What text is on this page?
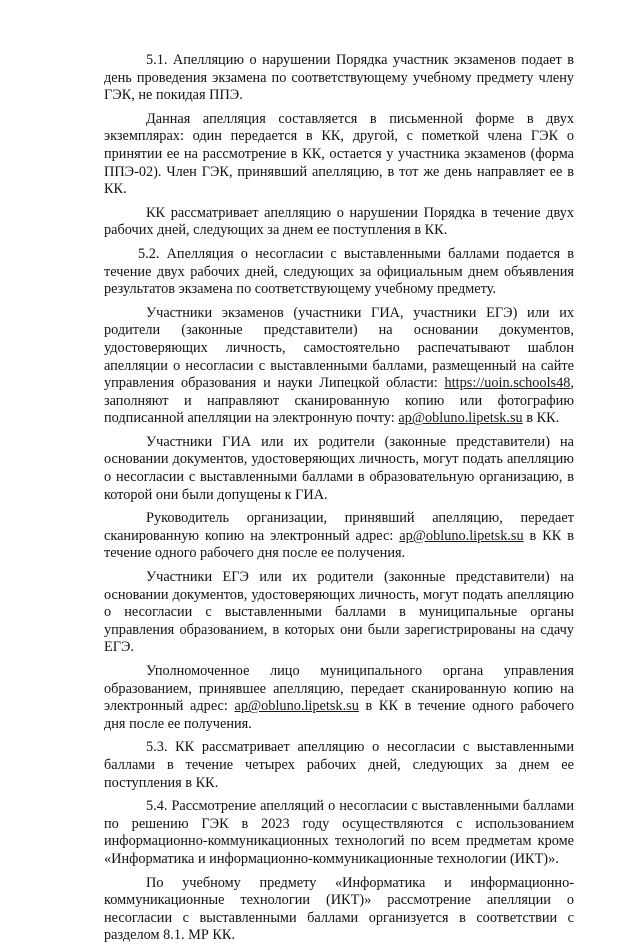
5.1. Апелляцию о нарушении Порядка участник экзаменов подает в день проведения экзамена по соответствующему учебному предмету члену ГЭК, не покидая ППЭ.

Данная апелляция составляется в письменной форме в двух экземплярах: один передается в КК, другой, с пометкой члена ГЭК о принятии ее на рассмотрение в КК, остается у участника экзаменов (форма ППЭ-02). Член ГЭК, принявший апелляцию, в тот же день направляет ее в КК.

КК рассматривает апелляцию о нарушении Порядка в течение двух рабочих дней, следующих за днем ее поступления в КК.

5.2. Апелляция о несогласии с выставленными баллами подается в течение двух рабочих дней, следующих за официальным днем объявления результатов экзамена по соответствующему учебному предмету.

Участники экзаменов (участники ГИА, участники ЕГЭ) или их родители (законные представители) на основании документов, удостоверяющих личность, самостоятельно распечатывают шаблон апелляции о несогласии с выставленными баллами, размещенный на сайте управления образования и науки Липецкой области: https://uoin.schools48, заполняют и направляют сканированную копию или фотографию подписанной апелляции на электронную почту: ap@obluno.lipetsk.su в КК.

Участники ГИА или их родители (законные представители) на основании документов, удостоверяющих личность, могут подать апелляцию о несогласии с выставленными баллами в образовательную организацию, в которой они были допущены к ГИА.

Руководитель организации, принявший апелляцию, передает сканированную копию на электронный адрес: ap@obluno.lipetsk.su в КК в течение одного рабочего дня после ее получения.

Участники ЕГЭ или их родители (законные представители) на основании документов, удостоверяющих личность, могут подать апелляцию о несогласии с выставленными баллами в муниципальные органы управления образованием, в которых они были зарегистрированы на сдачу ЕГЭ.

Уполномоченное лицо муниципального органа управления образованием, принявшее апелляцию, передает сканированную копию на электронный адрес: ap@obluno.lipetsk.su в КК в течение одного рабочего дня после ее получения.

5.3. КК рассматривает апелляцию о несогласии с выставленными баллами в течение четырех рабочих дней, следующих за днем ее поступления в КК.

5.4. Рассмотрение апелляций о несогласии с выставленными баллами по решению ГЭК в 2023 году осуществляются с использованием информационно-коммуникационных технологий по всем предметам кроме «Информатика и информационно-коммуникационные технологии (ИКТ)».

По учебному предмету «Информатика и информационно-коммуникационные технологии (ИКТ)» рассмотрение апелляции о несогласии с выставленными баллами организуется в соответствии с разделом 8.1. МР КК.
